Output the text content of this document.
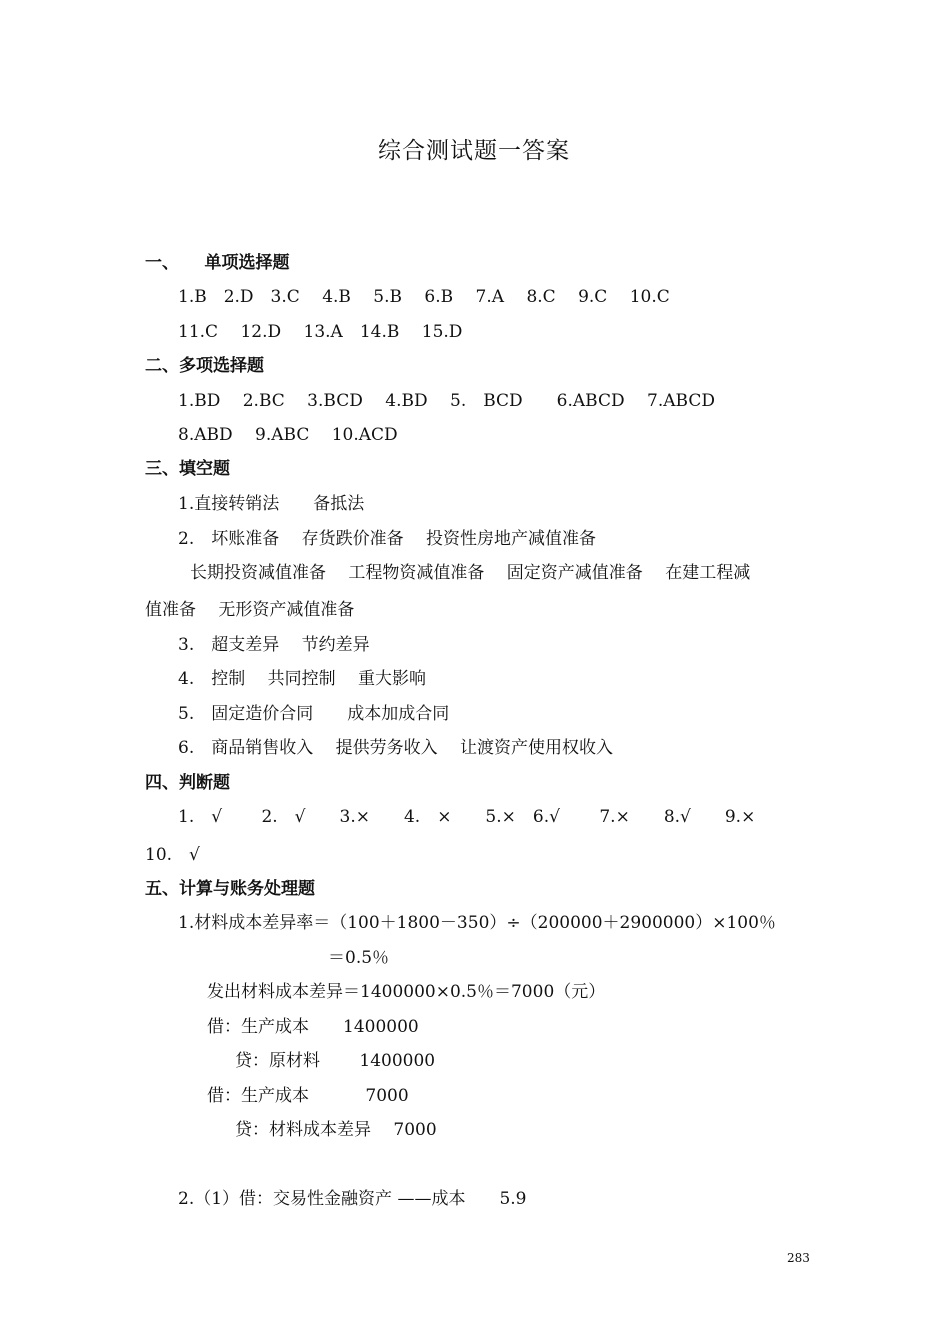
综合测试题一答案
一、　　单项选择题
1.B　2.D　3.C　 4.B　 5.B　 6.B　 7.A　 8.C　 9.C　 10.C
11.C　 12.D　 13.A　14.B　 15.D
二、多项选择题
1.BD　 2.BC　 3.BCD　 4.BD　 5.　BCD　　6.ABCD　 7.ABCD
8.ABD　 9.ABC　 10.ACD
三、填空题
1.直接转销法　　备抵法
2.　坏账准备　 存货跌价准备　 投资性房地产减值准备
长期投资减值准备　 工程物资减值准备　 固定资产减值准备　 在建工程减
值准备　 无形资产减值准备
3.　超支差异　 节约差异
4.　控制　 共同控制　 重大影响
5.　固定造价合同　　成本加成合同
6.　商品销售收入　 提供劳务收入　 让渡资产使用权收入
四、判断题
1.　√　　 2.　√　　3.×　　4.　×　　5.×　6.√　　 7.×　　8.√　　9.×
10.　√
五、计算与账务处理题
1.材料成本差异率＝（100＋1800－350）÷（200000＋2900000）×100％
＝0.5％
发出材料成本差异＝1400000×0.5％＝7000（元）
借：生产成本　　1400000
贷：原材料　　 1400000
借：生产成本　　　 7000
贷：材料成本差异　 7000
2.（1）借：交易性金融资产 ——成本　　5.9
283
